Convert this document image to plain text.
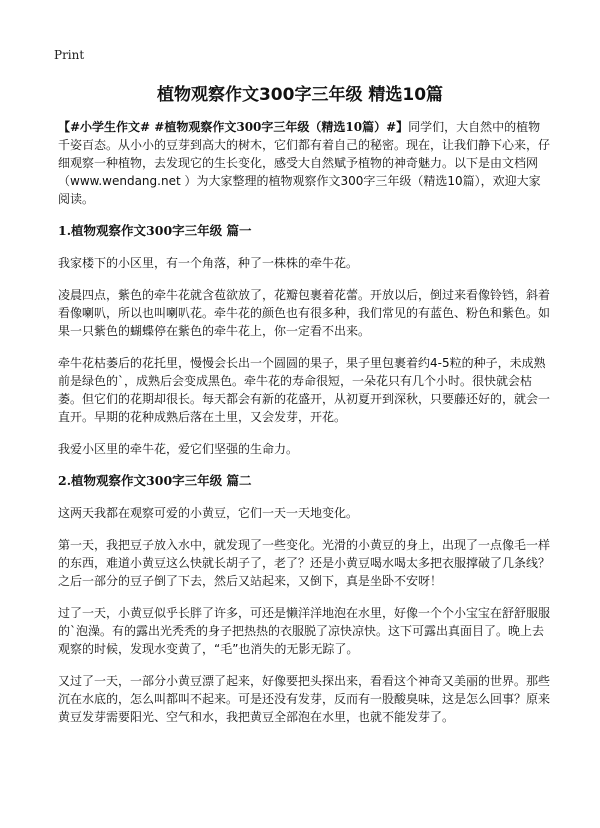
Print
植物观察作文300字三年级 精选10篇

【#小学生作文# #植物观察作文300字三年级（精选10篇）#】同学们，大自然中的植物千姿百态。从小小的豆芽到高大的树木，它们都有着自己的秘密。现在，让我们静下心来，仔细观察一种植物，去发现它的生长变化，感受大自然赋予植物的神奇魅力。以下是由文档网（www.wendang.net ）为大家整理的植物观察作文300字三年级（精选10篇），欢迎大家阅读。

1.植物观察作文300字三年级 篇一

我家楼下的小区里，有一个角落，种了一株株的牵牛花。

凌晨四点，紫色的牵牛花就含苞欲放了，花瓣包裹着花蕾。开放以后，倒过来看像铃铛，斜着看像喇叭，所以也叫喇叭花。牵牛花的颜色也有很多种，我们常见的有蓝色、粉色和紫色。如果一只紫色的蝴蝶停在紫色的牵牛花上，你一定看不出来。

牵牛花枯萎后的花托里，慢慢会长出一个圆圆的果子，果子里包裹着约4-5粒的种子，未成熟前是绿色的`，成熟后会变成黑色。牵牛花的寿命很短，一朵花只有几个小时。很快就会枯萎。但它们的花期却很长。每天都会有新的花盛开，从初夏开到深秋，只要藤还好的，就会一直开。早期的花种成熟后落在土里，又会发芽，开花。

我爱小区里的牵牛花，爱它们坚强的生命力。

2.植物观察作文300字三年级 篇二

这两天我都在观察可爱的小黄豆，它们一天一天地变化。

第一天，我把豆子放入水中，就发现了一些变化。光滑的小黄豆的身上，出现了一点像毛一样的东西，难道小黄豆这么快就长胡子了，老了？还是小黄豆喝水喝太多把衣服撑破了几条线？之后一部分的豆子倒了下去，然后又站起来，又倒下，真是坐卧不安呀！

过了一天，小黄豆似乎长胖了许多，可还是懒洋洋地泡在水里，好像一个个小宝宝在舒舒服服的`泡澡。有的露出光秃秃的身子把热热的衣服脱了凉快凉快。这下可露出真面目了。晚上去观察的时候，发现水变黄了，“毛”也消失的无影无踪了。

又过了一天，一部分小黄豆漂了起来，好像要把头探出来，看看这个神奇又美丽的世界。那些沉在水底的，怎么叫都叫不起来。可是还没有发芽，反而有一股酸臭味，这是怎么回事？原来黄豆发芽需要阳光、空气和水，我把黄豆全部泡在水里，也就不能发芽了。
